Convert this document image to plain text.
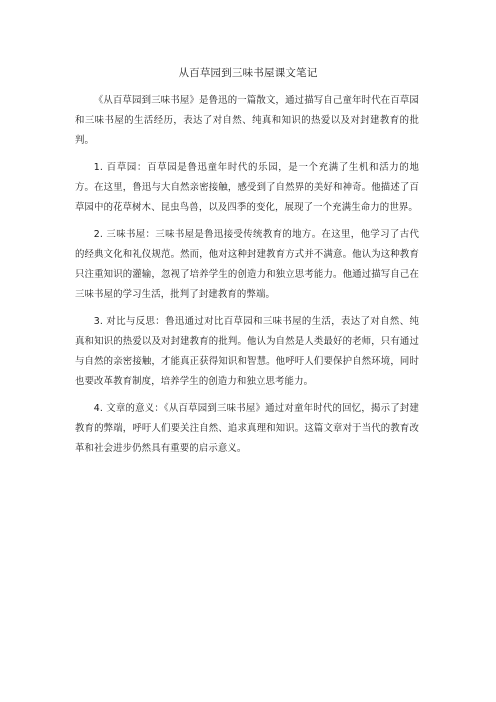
从百草园到三味书屋课文笔记

《从百草园到三味书屋》是鲁迅的一篇散文，通过描写自己童年时代在百草园和三味书屋的生活经历，表达了对自然、纯真和知识的热爱以及对封建教育的批判。

1. 百草园：百草园是鲁迅童年时代的乐园，是一个充满了生机和活力的地方。在这里，鲁迅与大自然亲密接触，感受到了自然界的美好和神奇。他描述了百草园中的花草树木、昆虫鸟兽，以及四季的变化，展现了一个充满生命力的世界。

2. 三味书屋：三味书屋是鲁迅接受传统教育的地方。在这里，他学习了古代的经典文化和礼仪规范。然而，他对这种封建教育方式并不满意。他认为这种教育只注重知识的灌输，忽视了培养学生的创造力和独立思考能力。他通过描写自己在三味书屋的学习生活，批判了封建教育的弊端。

3. 对比与反思：鲁迅通过对比百草园和三味书屋的生活，表达了对自然、纯真和知识的热爱以及对封建教育的批判。他认为自然是人类最好的老师，只有通过与自然的亲密接触，才能真正获得知识和智慧。他呼吁人们要保护自然环境，同时也要改革教育制度，培养学生的创造力和独立思考能力。

4. 文章的意义：《从百草园到三味书屋》通过对童年时代的回忆，揭示了封建教育的弊端，呼吁人们要关注自然、追求真理和知识。这篇文章对于当代的教育改革和社会进步仍然具有重要的启示意义。
